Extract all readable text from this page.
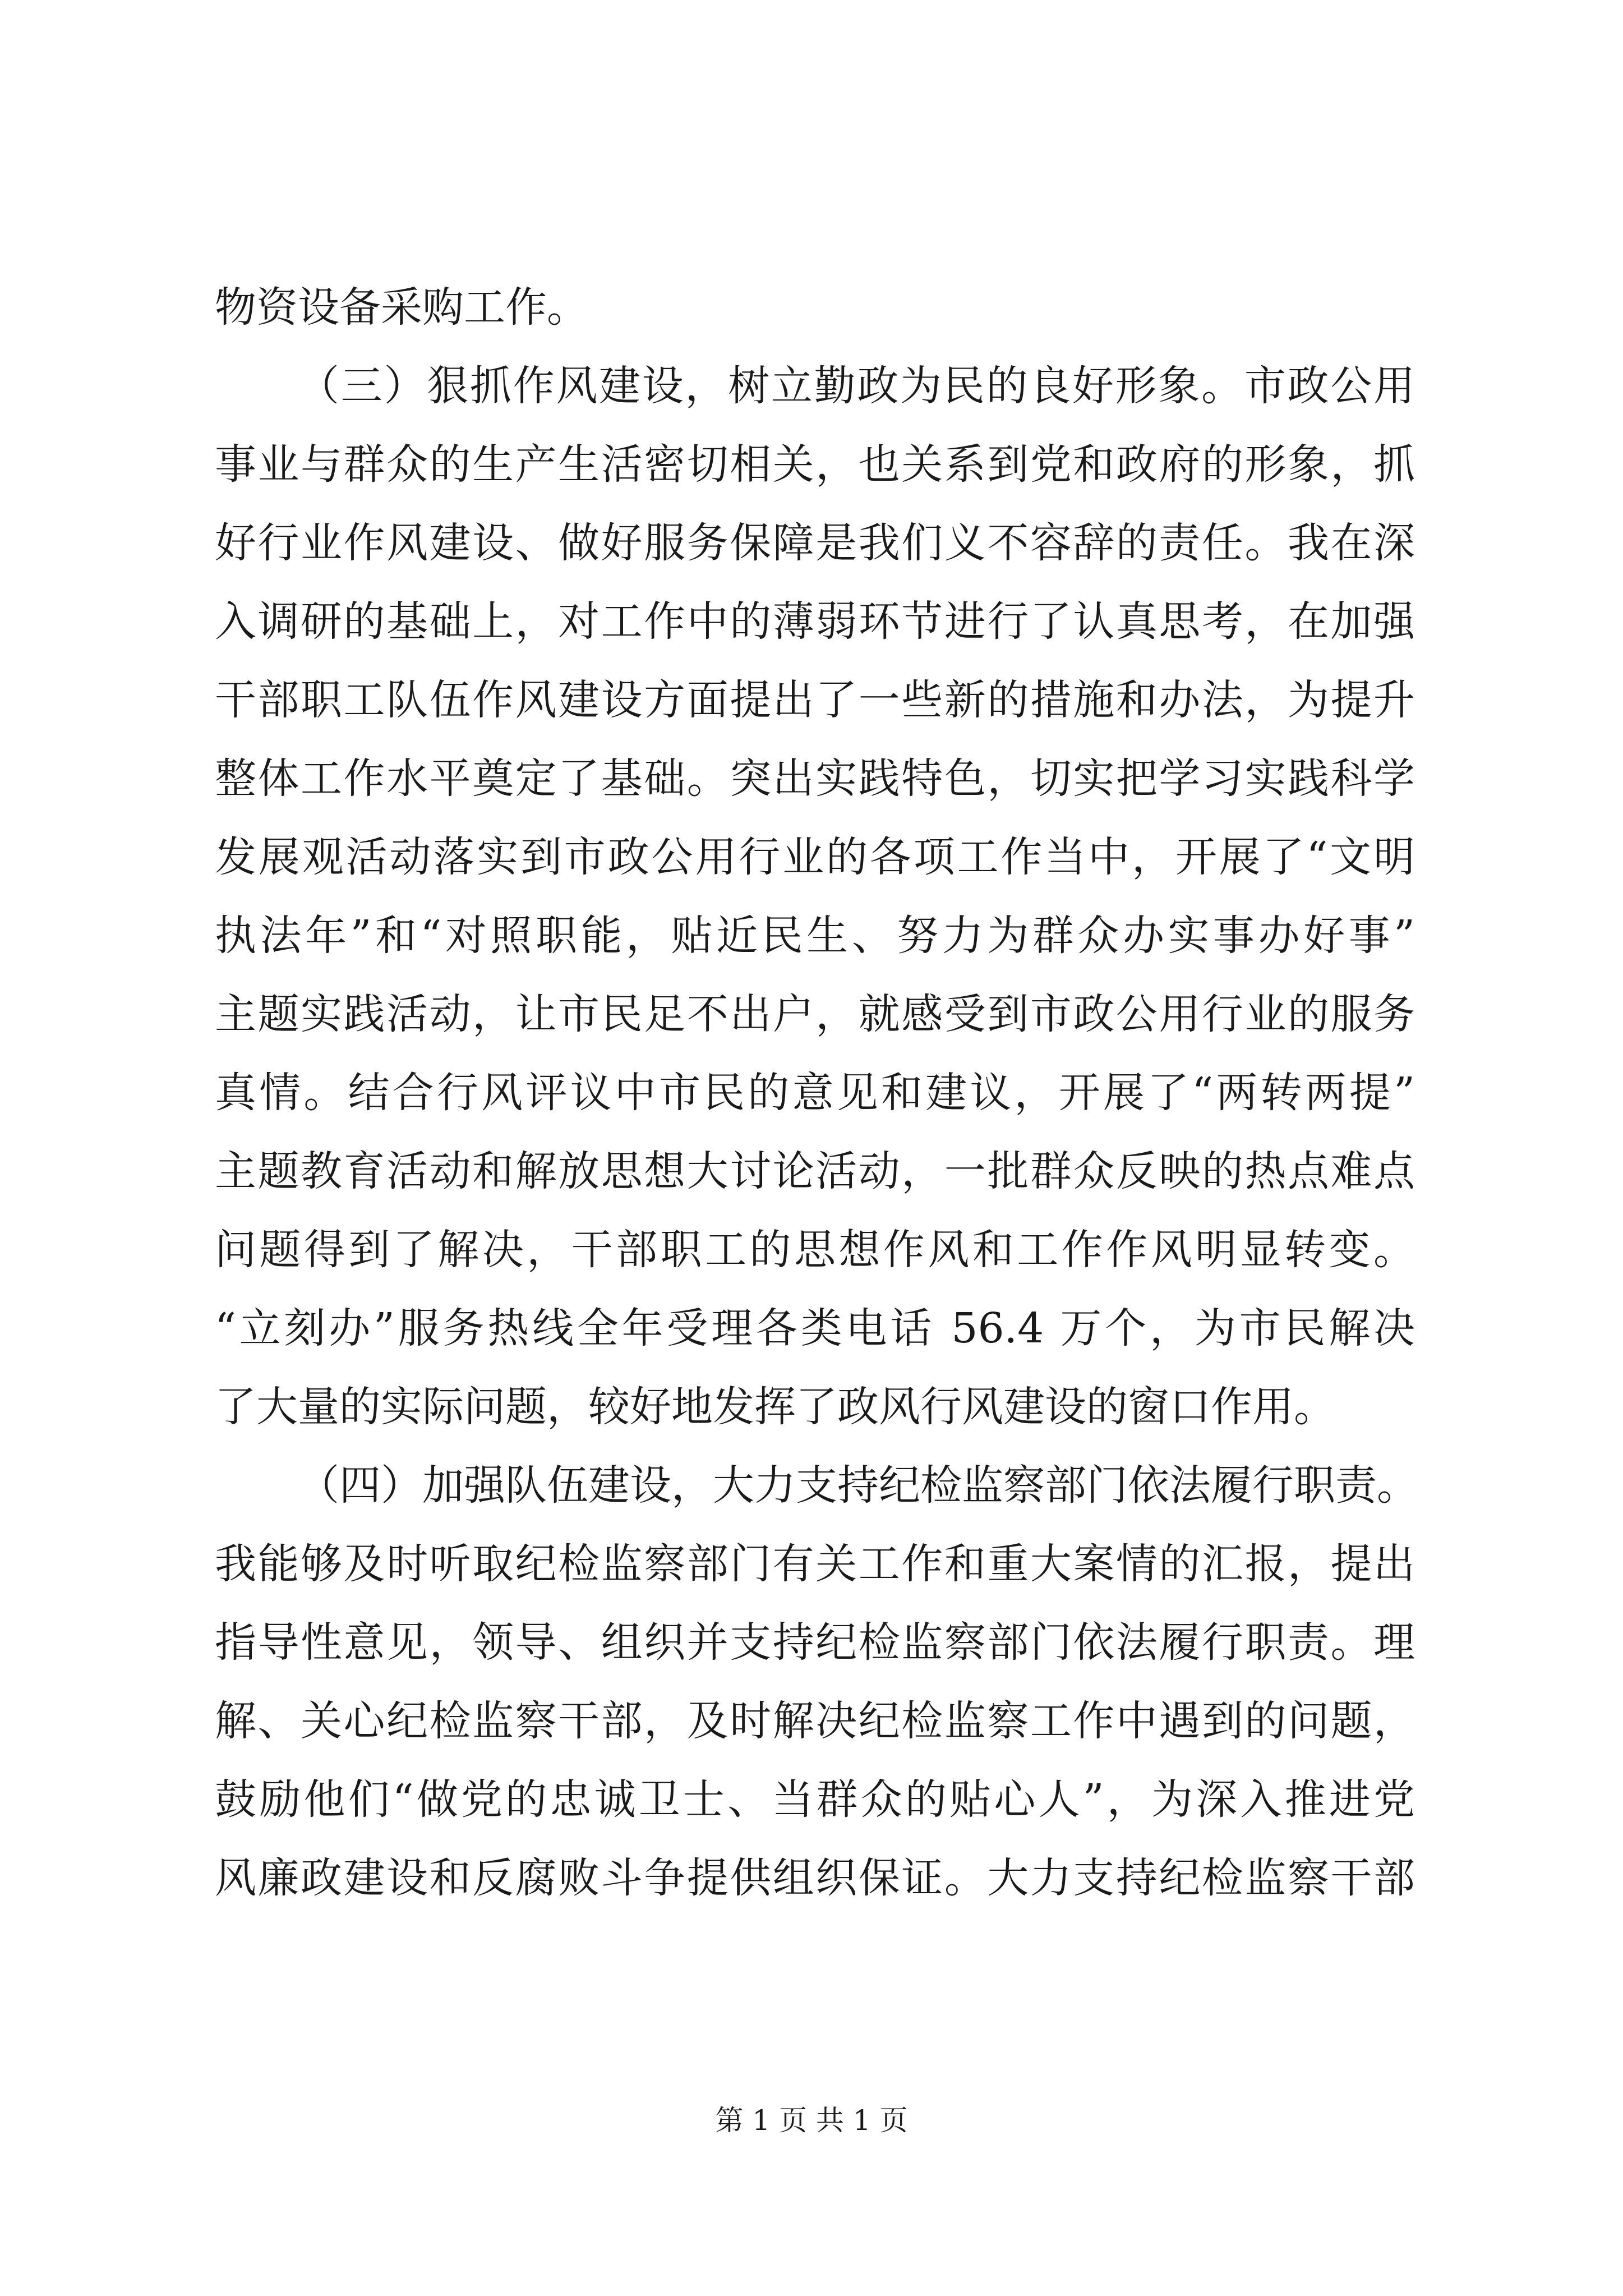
物资设备采购工作。
（三）狠抓作风建设，树立勤政为民的良好形象。市政公用
事业与群众的生产生活密切相关，也关系到党和政府的形象，抓
好行业作风建设、做好服务保障是我们义不容辞的责任。我在深
入调研的基础上，对工作中的薄弱环节进行了认真思考，在加强
干部职工队伍作风建设方面提出了一些新的措施和办法，为提升
整体工作水平奠定了基础。突出实践特色，切实把学习实践科学
发展观活动落实到市政公用行业的各项工作当中，开展了“文明
执法年”和“对照职能，贴近民生、努力为群众办实事办好事”
主题实践活动，让市民足不出户，就感受到市政公用行业的服务
真情。结合行风评议中市民的意见和建议，开展了“两转两提”
主题教育活动和解放思想大讨论活动，一批群众反映的热点难点
问题得到了解决，干部职工的思想作风和工作作风明显转变。
“立刻办”服务热线全年受理各类电话 56.4 万个，为市民解决
了大量的实际问题，较好地发挥了政风行风建设的窗口作用。
（四）加强队伍建设，大力支持纪检监察部门依法履行职责。
我能够及时听取纪检监察部门有关工作和重大案情的汇报，提出
指导性意见，领导、组织并支持纪检监察部门依法履行职责。理
解、关心纪检监察干部，及时解决纪检监察工作中遇到的问题，
鼓励他们“做党的忠诚卫士、当群众的贴心人”，为深入推进党
风廉政建设和反腐败斗争提供组织保证。大力支持纪检监察干部
第 1 页 共 1 页
